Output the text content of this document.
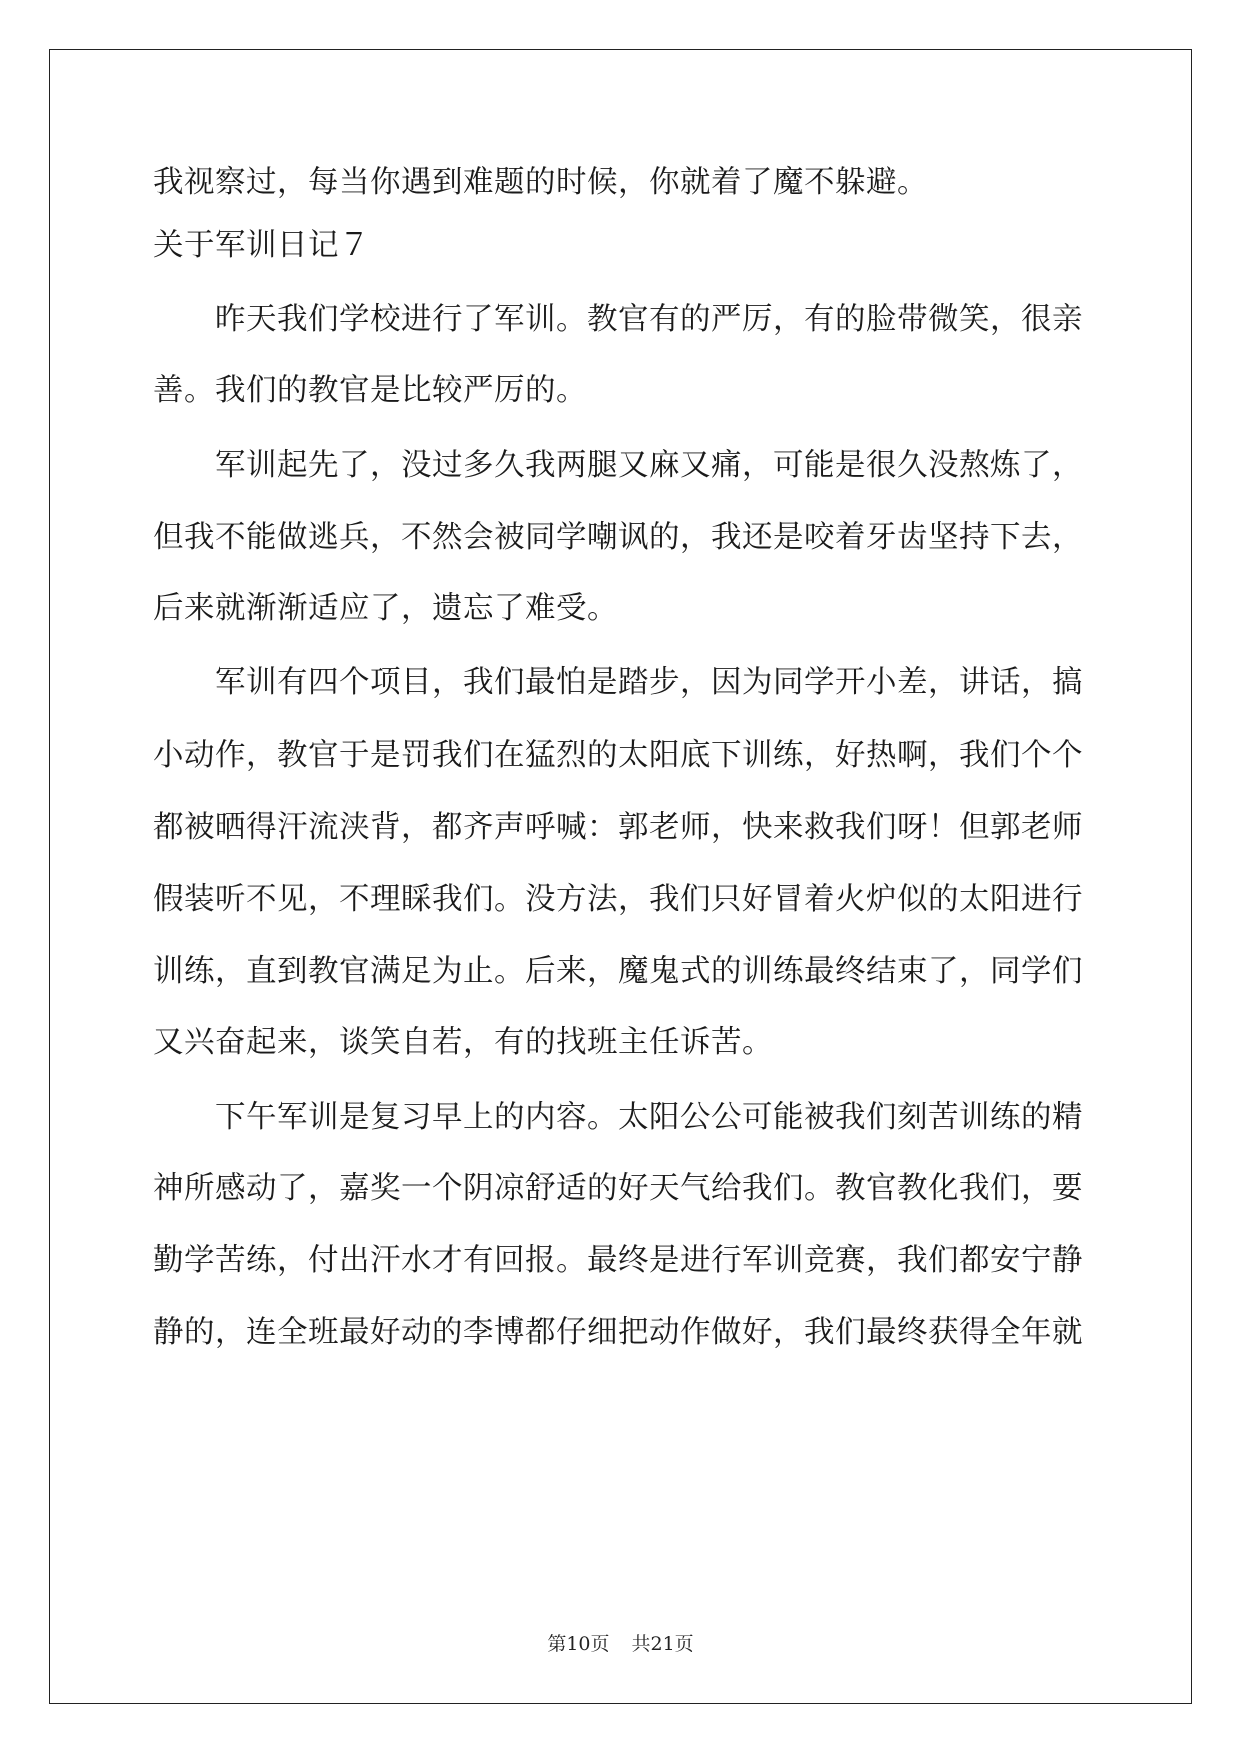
我视察过，每当你遇到难题的时候，你就着了魔不躲避。
关于军训日记７
昨天我们学校进行了军训。教官有的严厉，有的脸带微笑，很亲
善。我们的教官是比较严厉的。
军训起先了，没过多久我两腿又麻又痛，可能是很久没熬炼了，
但我不能做逃兵，不然会被同学嘲讽的，我还是咬着牙齿坚持下去，
后来就渐渐适应了，遗忘了难受。
军训有四个项目，我们最怕是踏步，因为同学开小差，讲话，搞
小动作，教官于是罚我们在猛烈的太阳底下训练，好热啊，我们个个
都被晒得汗流浃背，都齐声呼喊：郭老师，快来救我们呀！但郭老师
假装听不见，不理睬我们。没方法，我们只好冒着火炉似的太阳进行
训练，直到教官满足为止。后来，魔鬼式的训练最终结束了，同学们
又兴奋起来，谈笑自若，有的找班主任诉苦。
下午军训是复习早上的内容。太阳公公可能被我们刻苦训练的精
神所感动了，嘉奖一个阴凉舒适的好天气给我们。教官教化我们，要
勤学苦练，付出汗水才有回报。最终是进行军训竞赛，我们都安宁静
静的，连全班最好动的李博都仔细把动作做好，我们最终获得全年就
第10页 共21页
